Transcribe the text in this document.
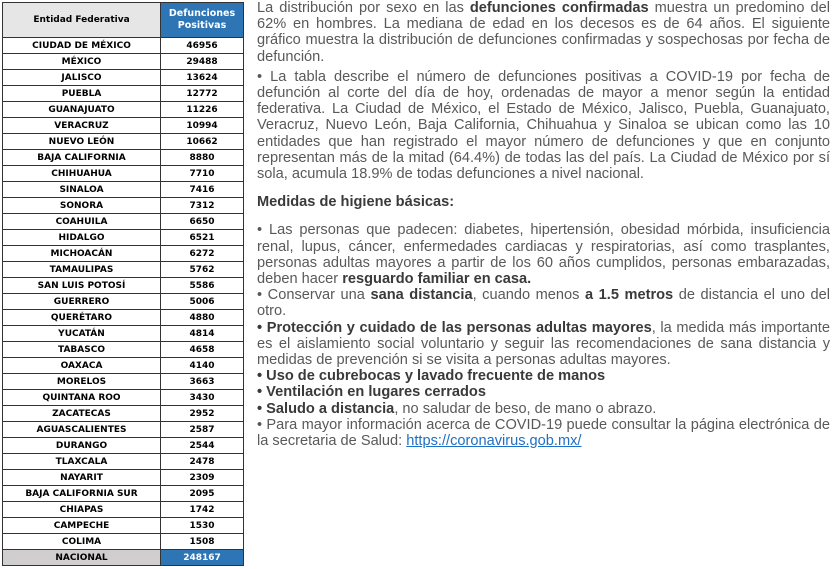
Entidad Federativa	Defunciones Positivas
CIUDAD DE MÉXICO	46956
MÉXICO	29488
JALISCO	13624
PUEBLA	12772
GUANAJUATO	11226
VERACRUZ	10994
NUEVO LEÓN	10662
BAJA CALIFORNIA	8880
CHIHUAHUA	7710
SINALOA	7416
SONORA	7312
COAHUILA	6650
HIDALGO	6521
MICHOACÁN	6272
TAMAULIPAS	5762
SAN LUIS POTOSÍ	5586
GUERRERO	5006
QUERÉTARO	4880
YUCATÁN	4814
TABASCO	4658
OAXACA	4140
MORELOS	3663
QUINTANA ROO	3430
ZACATECAS	2952
AGUASCALIENTES	2587
DURANGO	2544
TLAXCALA	2478
NAYARIT	2309
BAJA CALIFORNIA SUR	2095
CHIAPAS	1742
CAMPECHE	1530
COLIMA	1508
NACIONAL	248167

La distribución por sexo en las defunciones confirmadas muestra un predomino del 62% en hombres. La mediana de edad en los decesos es de 64 años. El siguiente gráfico muestra la distribución de defunciones confirmadas y sospechosas por fecha de defunción.

• La tabla describe el número de defunciones positivas a COVID-19 por fecha de defunción al corte del día de hoy, ordenadas de mayor a menor según la entidad federativa. La Ciudad de México, el Estado de México, Jalisco, Puebla, Guanajuato, Veracruz, Nuevo León, Baja California, Chihuahua y Sinaloa se ubican como las 10 entidades que han registrado el mayor número de defunciones y que en conjunto representan más de la mitad (64.4%) de todas las del país. La Ciudad de México por sí sola, acumula 18.9% de todas defunciones a nivel nacional.

Medidas de higiene básicas:

• Las personas que padecen: diabetes, hipertensión, obesidad mórbida, insuficiencia renal, lupus, cáncer, enfermedades cardiacas y respiratorias, así como trasplantes, personas adultas mayores a partir de los 60 años cumplidos, personas embarazadas, deben hacer resguardo familiar en casa.

• Conservar una sana distancia, cuando menos a 1.5 metros de distancia el uno del otro.

• Protección y cuidado de las personas adultas mayores, la medida más importante es el aislamiento social voluntario y seguir las recomendaciones de sana distancia y medidas de prevención si se visita a personas adultas mayores.

• Uso de cubrebocas y lavado frecuente de manos

• Ventilación en lugares cerrados

• Saludo a distancia, no saludar de beso, de mano o abrazo.

• Para mayor información acerca de COVID-19 puede consultar la página electrónica de la secretaria de Salud: https://coronavirus.gob.mx/
